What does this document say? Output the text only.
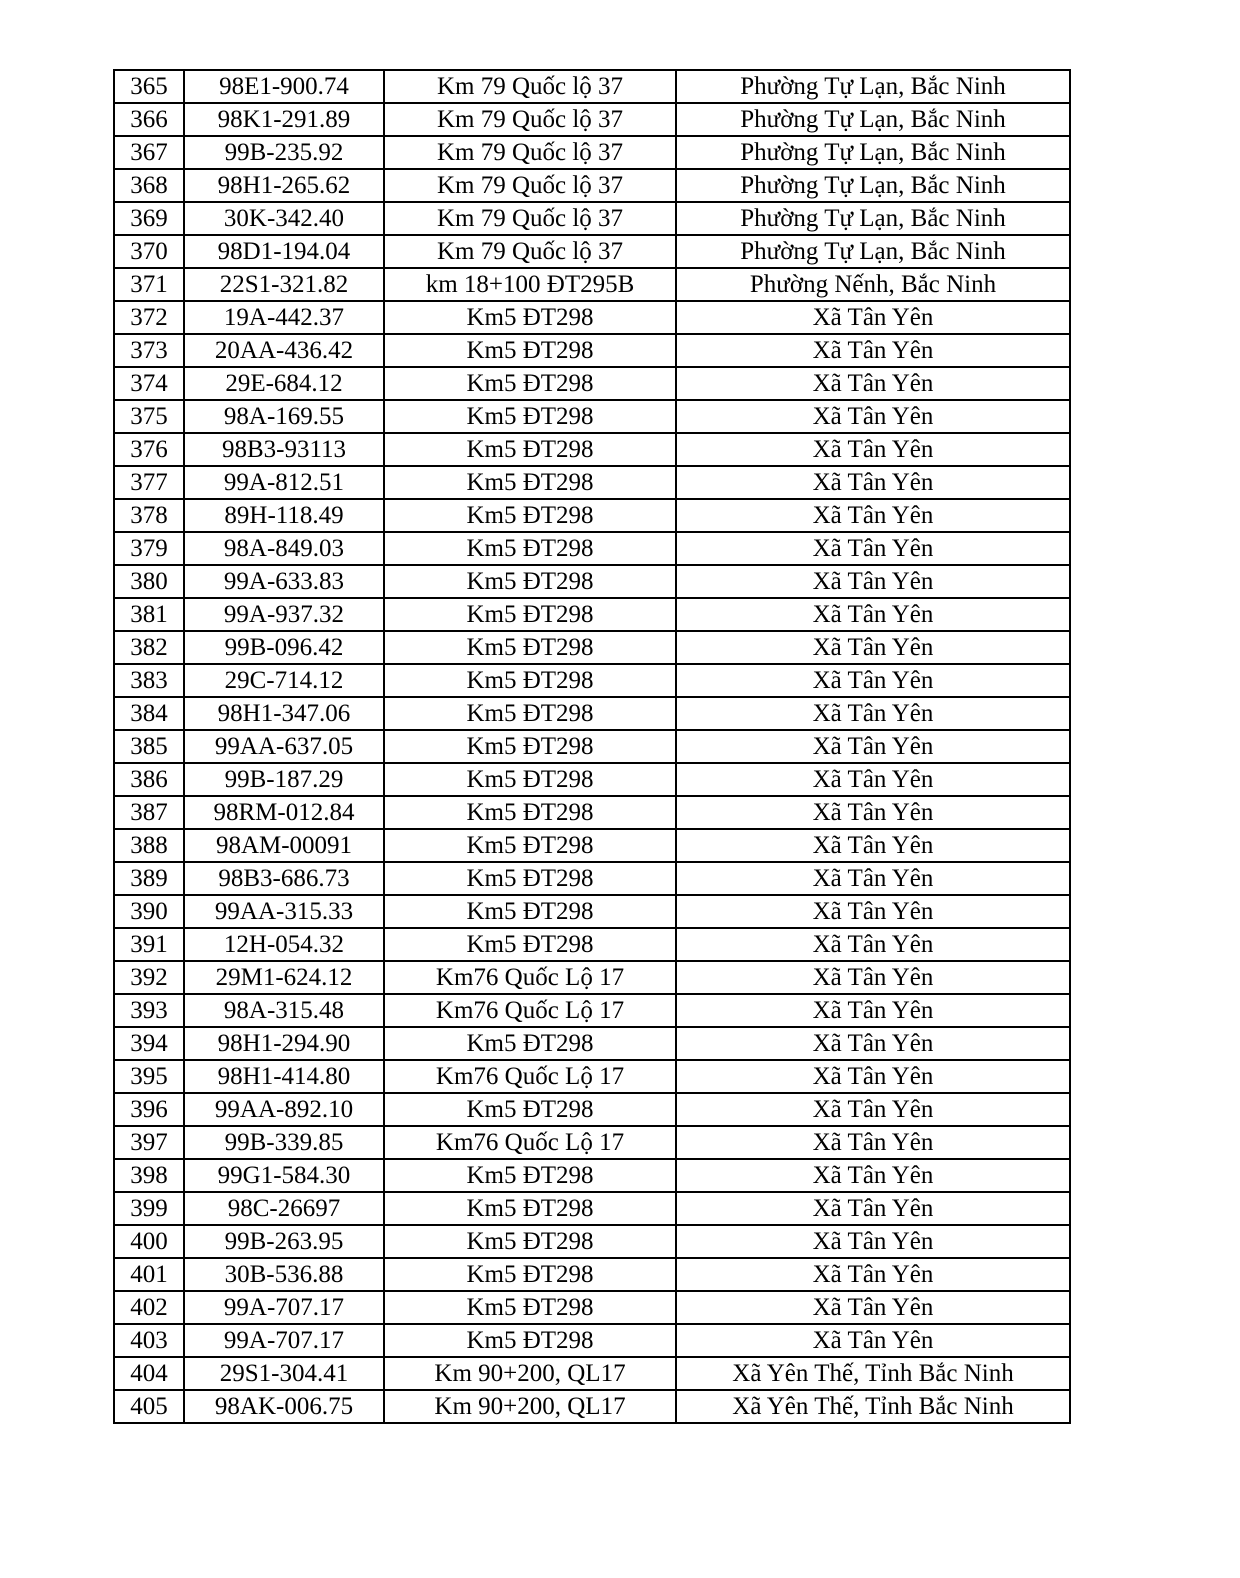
365	98E1-900.74	Km 79 Quốc lộ 37	Phường Tự Lạn, Bắc Ninh
366	98K1-291.89	Km 79 Quốc lộ 37	Phường Tự Lạn, Bắc Ninh
367	99B-235.92	Km 79 Quốc lộ 37	Phường Tự Lạn, Bắc Ninh
368	98H1-265.62	Km 79 Quốc lộ 37	Phường Tự Lạn, Bắc Ninh
369	30K-342.40	Km 79 Quốc lộ 37	Phường Tự Lạn, Bắc Ninh
370	98D1-194.04	Km 79 Quốc lộ 37	Phường Tự Lạn, Bắc Ninh
371	22S1-321.82	km 18+100 ĐT295B	Phường Nếnh, Bắc Ninh
372	19A-442.37	Km5 ĐT298	Xã Tân Yên
373	20AA-436.42	Km5 ĐT298	Xã Tân Yên
374	29E-684.12	Km5 ĐT298	Xã Tân Yên
375	98A-169.55	Km5 ĐT298	Xã Tân Yên
376	98B3-93113	Km5 ĐT298	Xã Tân Yên
377	99A-812.51	Km5 ĐT298	Xã Tân Yên
378	89H-118.49	Km5 ĐT298	Xã Tân Yên
379	98A-849.03	Km5 ĐT298	Xã Tân Yên
380	99A-633.83	Km5 ĐT298	Xã Tân Yên
381	99A-937.32	Km5 ĐT298	Xã Tân Yên
382	99B-096.42	Km5 ĐT298	Xã Tân Yên
383	29C-714.12	Km5 ĐT298	Xã Tân Yên
384	98H1-347.06	Km5 ĐT298	Xã Tân Yên
385	99AA-637.05	Km5 ĐT298	Xã Tân Yên
386	99B-187.29	Km5 ĐT298	Xã Tân Yên
387	98RM-012.84	Km5 ĐT298	Xã Tân Yên
388	98AM-00091	Km5 ĐT298	Xã Tân Yên
389	98B3-686.73	Km5 ĐT298	Xã Tân Yên
390	99AA-315.33	Km5 ĐT298	Xã Tân Yên
391	12H-054.32	Km5 ĐT298	Xã Tân Yên
392	29M1-624.12	Km76 Quốc Lộ 17	Xã Tân Yên
393	98A-315.48	Km76 Quốc Lộ 17	Xã Tân Yên
394	98H1-294.90	Km5 ĐT298	Xã Tân Yên
395	98H1-414.80	Km76 Quốc Lộ 17	Xã Tân Yên
396	99AA-892.10	Km5 ĐT298	Xã Tân Yên
397	99B-339.85	Km76 Quốc Lộ 17	Xã Tân Yên
398	99G1-584.30	Km5 ĐT298	Xã Tân Yên
399	98C-26697	Km5 ĐT298	Xã Tân Yên
400	99B-263.95	Km5 ĐT298	Xã Tân Yên
401	30B-536.88	Km5 ĐT298	Xã Tân Yên
402	99A-707.17	Km5 ĐT298	Xã Tân Yên
403	99A-707.17	Km5 ĐT298	Xã Tân Yên
404	29S1-304.41	Km 90+200, QL17	Xã Yên Thế, Tỉnh Bắc Ninh
405	98AK-006.75	Km 90+200, QL17	Xã Yên Thế, Tỉnh Bắc Ninh
